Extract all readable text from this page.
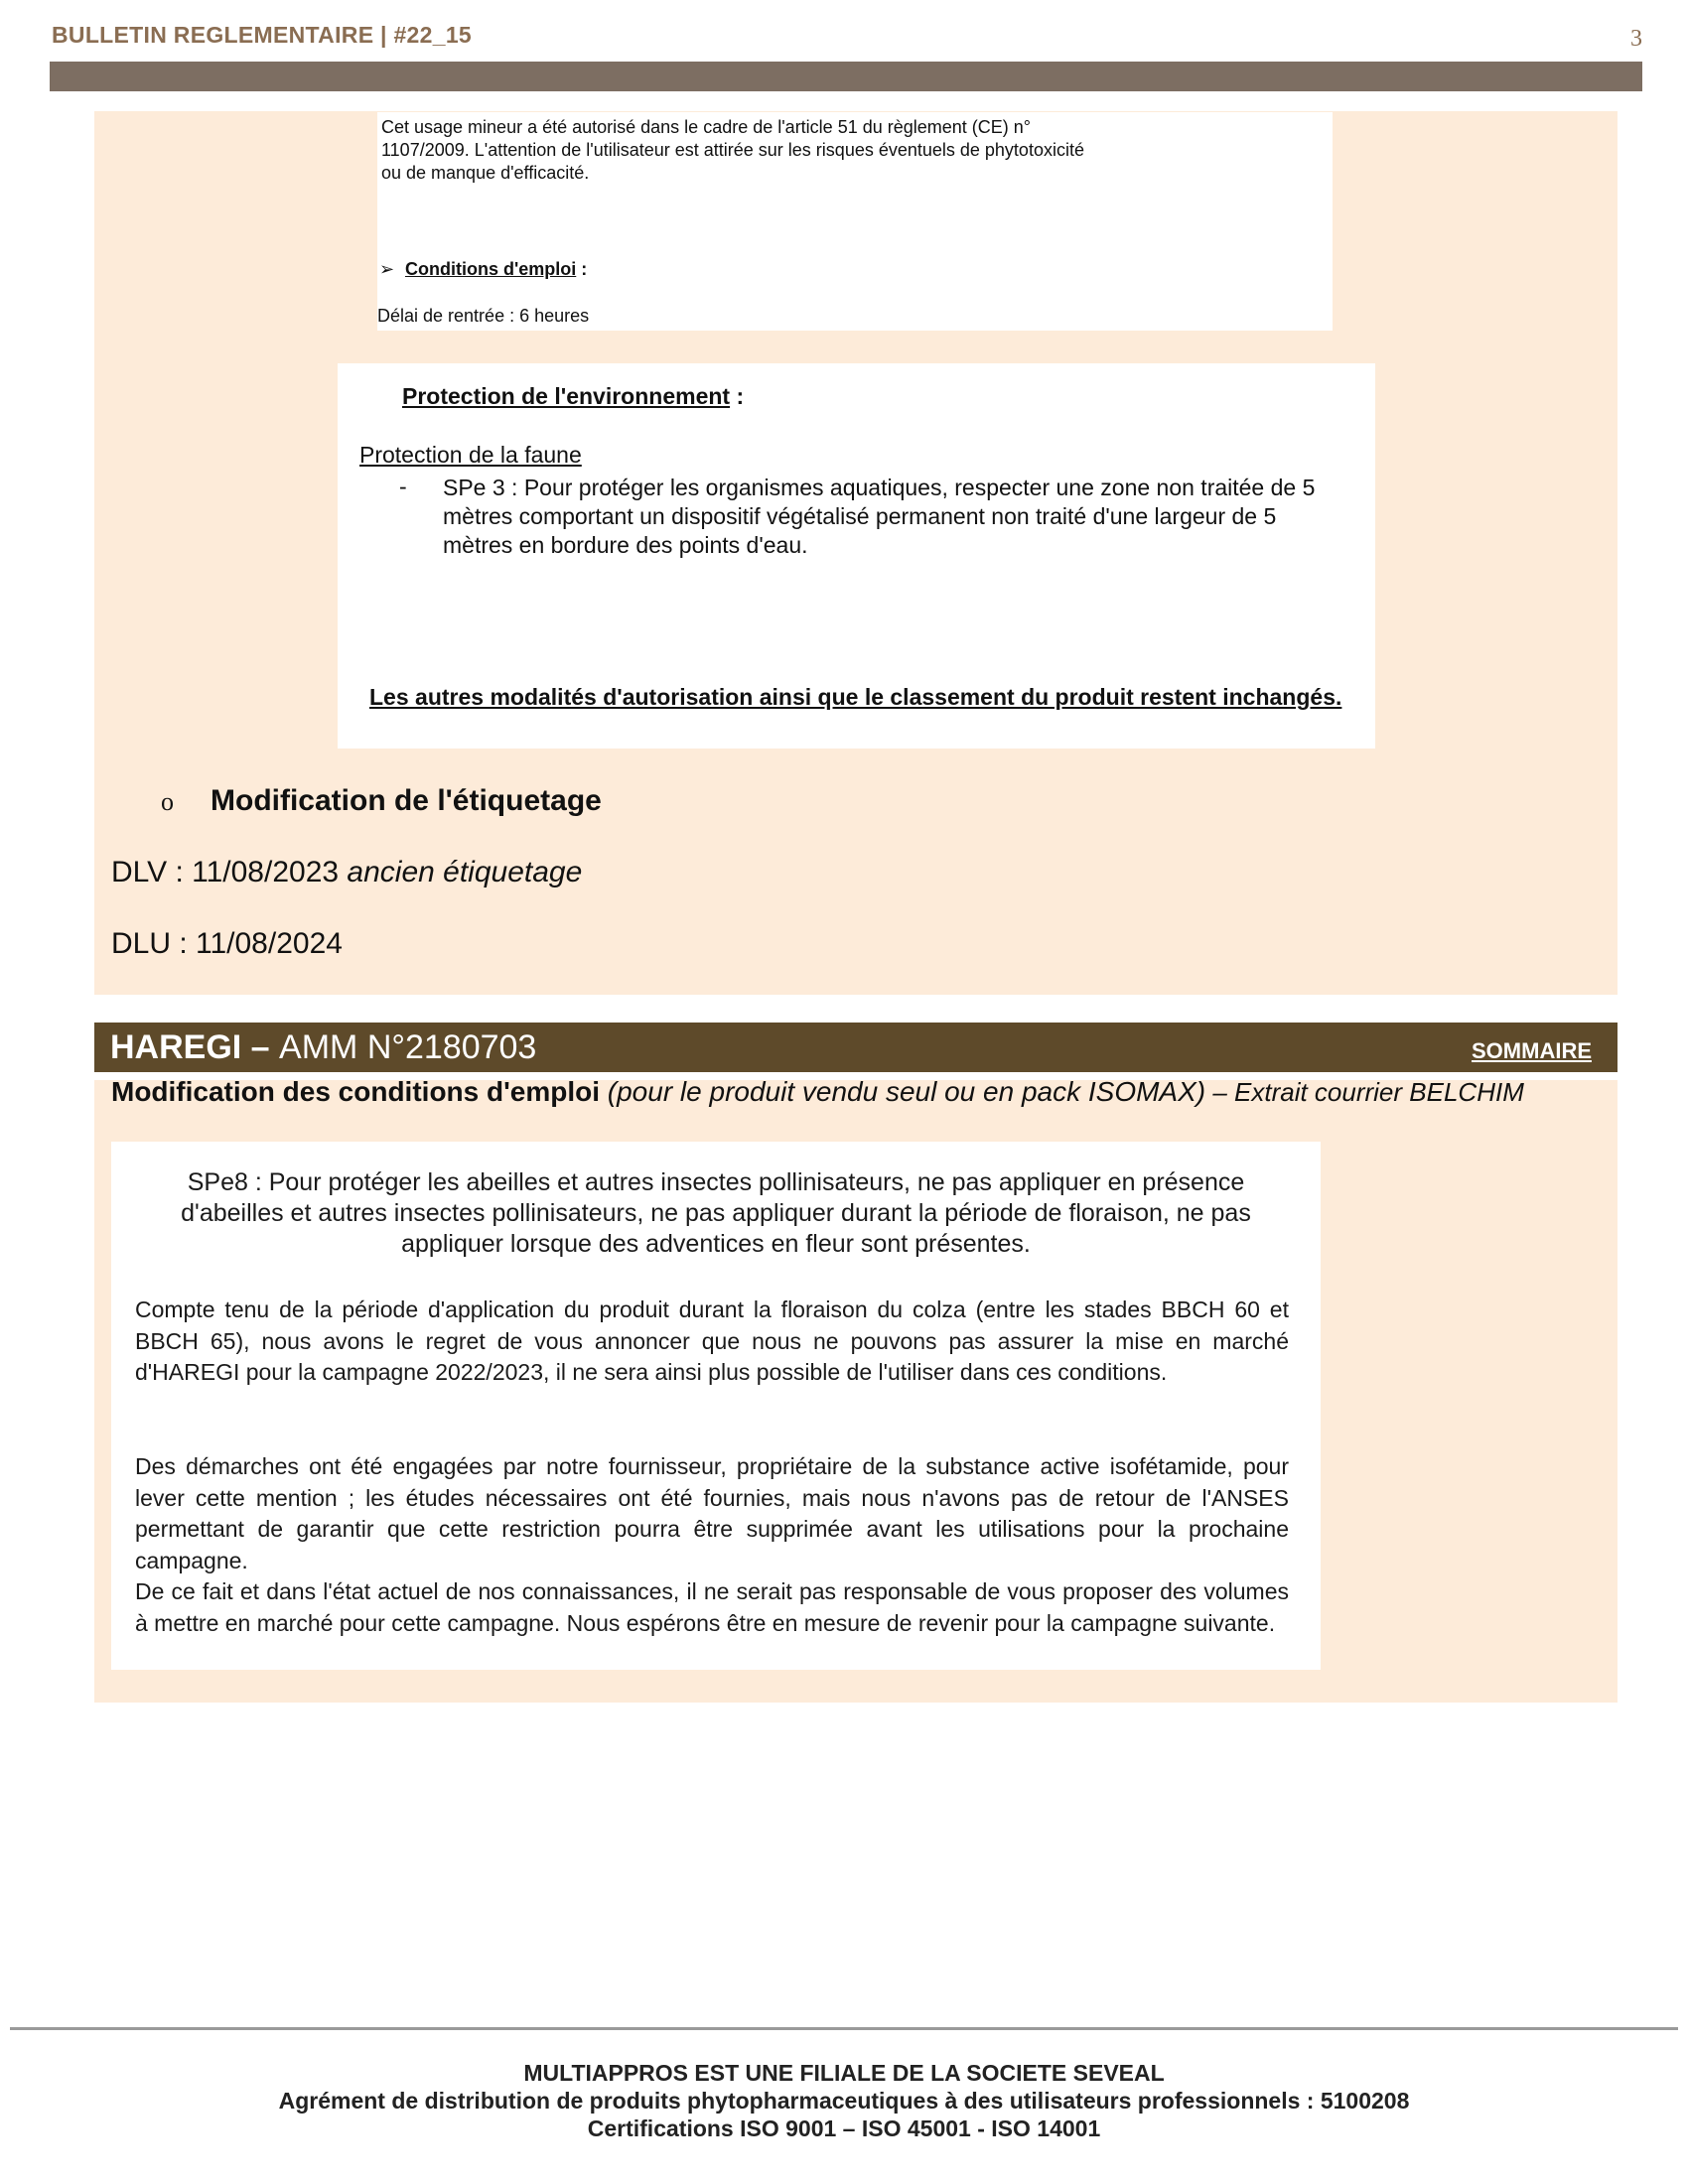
BULLETIN REGLEMENTAIRE | #22_15	3
Cet usage mineur a été autorisé dans le cadre de l'article 51 du règlement (CE) n° 1107/2009. L'attention de l'utilisateur est attirée sur les risques éventuels de phytotoxicité ou de manque d'efficacité.
➢ Conditions d'emploi :
Délai de rentrée : 6 heures
Protection de l'environnement :
Protection de la faune
- SPe 3 : Pour protéger les organismes aquatiques, respecter une zone non traitée de 5 mètres comportant un dispositif végétalisé permanent non traité d'une largeur de 5 mètres en bordure des points d'eau.
Les autres modalités d'autorisation ainsi que le classement du produit restent inchangés.
o Modification de l'étiquetage
DLV : 11/08/2023 ancien étiquetage
DLU : 11/08/2024
HAREGI – AMM N°2180703	SOMMAIRE
Modification des conditions d'emploi (pour le produit vendu seul ou en pack ISOMAX) – Extrait courrier BELCHIM
SPe8 : Pour protéger les abeilles et autres insectes pollinisateurs, ne pas appliquer en présence d'abeilles et autres insectes pollinisateurs, ne pas appliquer durant la période de floraison, ne pas appliquer lorsque des adventices en fleur sont présentes.
Compte tenu de la période d'application du produit durant la floraison du colza (entre les stades BBCH 60 et BBCH 65), nous avons le regret de vous annoncer que nous ne pouvons pas assurer la mise en marché d'HAREGI pour la campagne 2022/2023, il ne sera ainsi plus possible de l'utiliser dans ces conditions.
Des démarches ont été engagées par notre fournisseur, propriétaire de la substance active isofétamide, pour lever cette mention ; les études nécessaires ont été fournies, mais nous n'avons pas de retour de l'ANSES permettant de garantir que cette restriction pourra être supprimée avant les utilisations pour la prochaine campagne.
De ce fait et dans l'état actuel de nos connaissances, il ne serait pas responsable de vous proposer des volumes à mettre en marché pour cette campagne. Nous espérons être en mesure de revenir pour la campagne suivante.
MULTIAPPROS EST UNE FILIALE DE LA SOCIETE SEVEAL
Agrément de distribution de produits phytopharmaceutiques à des utilisateurs professionnels : 5100208
Certifications ISO 9001 – ISO 45001 - ISO 14001
